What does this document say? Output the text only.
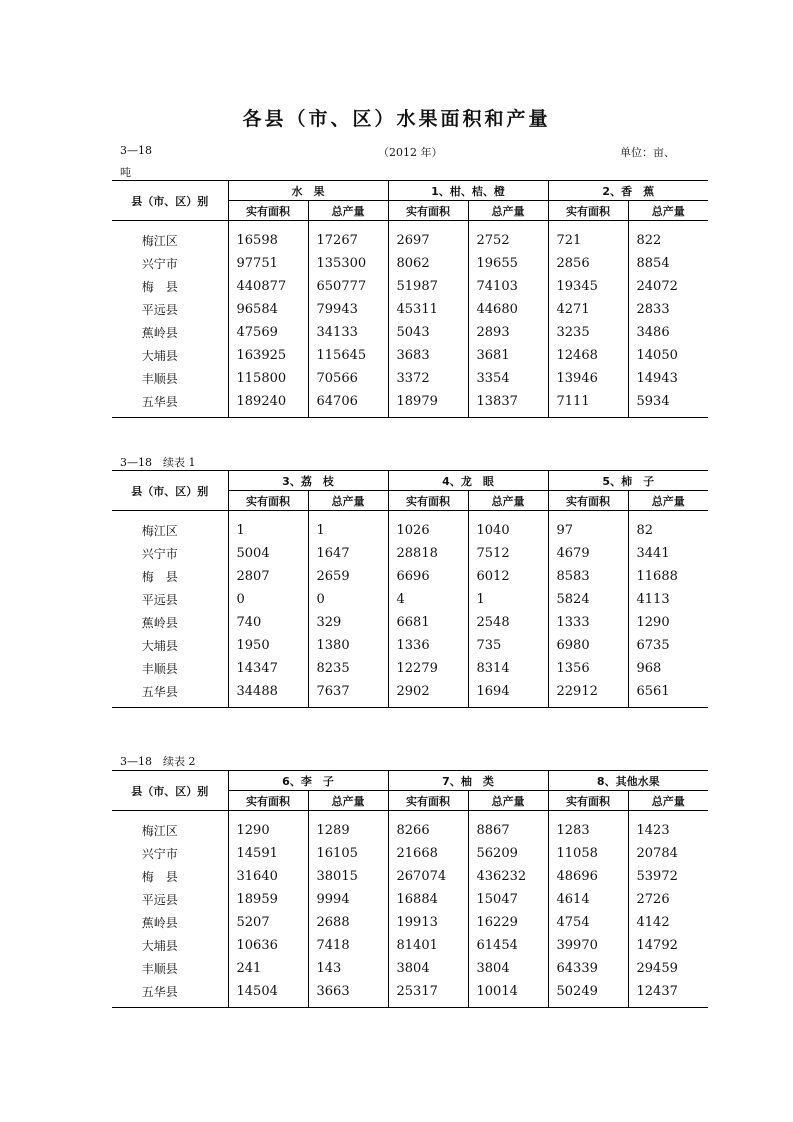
各县（市、区）水果面积和产量
3—18	（2012 年）	单位：亩、
吨
3—18　续表 1
3—18　续表 2
县（市、区）别	水　果		1、柑、桔、橙		2、香　蕉	
	实有面积	总产量	实有面积	总产量	实有面积	总产量
梅江区	16598	17267	2697	2752	721	822
兴宁市	97751	135300	8062	19655	2856	8854
梅　县	440877	650777	51987	74103	19345	24072
平远县	96584	79943	45311	44680	4271	2833
蕉岭县	47569	34133	5043	2893	3235	3486
大埔县	163925	115645	3683	3681	12468	14050
丰顺县	115800	70566	3372	3354	13946	14943
五华县	189240	64706	18979	13837	7111	5934
县（市、区）别	3、荔　枝		4、龙　眼		5、柿　子	
	实有面积	总产量	实有面积	总产量	实有面积	总产量
梅江区	1	1	1026	1040	97	82
兴宁市	5004	1647	28818	7512	4679	3441
梅　县	2807	2659	6696	6012	8583	11688
平远县	0	0	4	1	5824	4113
蕉岭县	740	329	6681	2548	1333	1290
大埔县	1950	1380	1336	735	6980	6735
丰顺县	14347	8235	12279	8314	1356	968
五华县	34488	7637	2902	1694	22912	6561
县（市、区）别	6、李　子		7、柚　类		8、其他水果	
	实有面积	总产量	实有面积	总产量	实有面积	总产量
梅江区	1290	1289	8266	8867	1283	1423
兴宁市	14591	16105	21668	56209	11058	20784
梅　县	31640	38015	267074	436232	48696	53972
平远县	18959	9994	16884	15047	4614	2726
蕉岭县	5207	2688	19913	16229	4754	4142
大埔县	10636	7418	81401	61454	39970	14792
丰顺县	241	143	3804	3804	64339	29459
五华县	14504	3663	25317	10014	50249	12437
